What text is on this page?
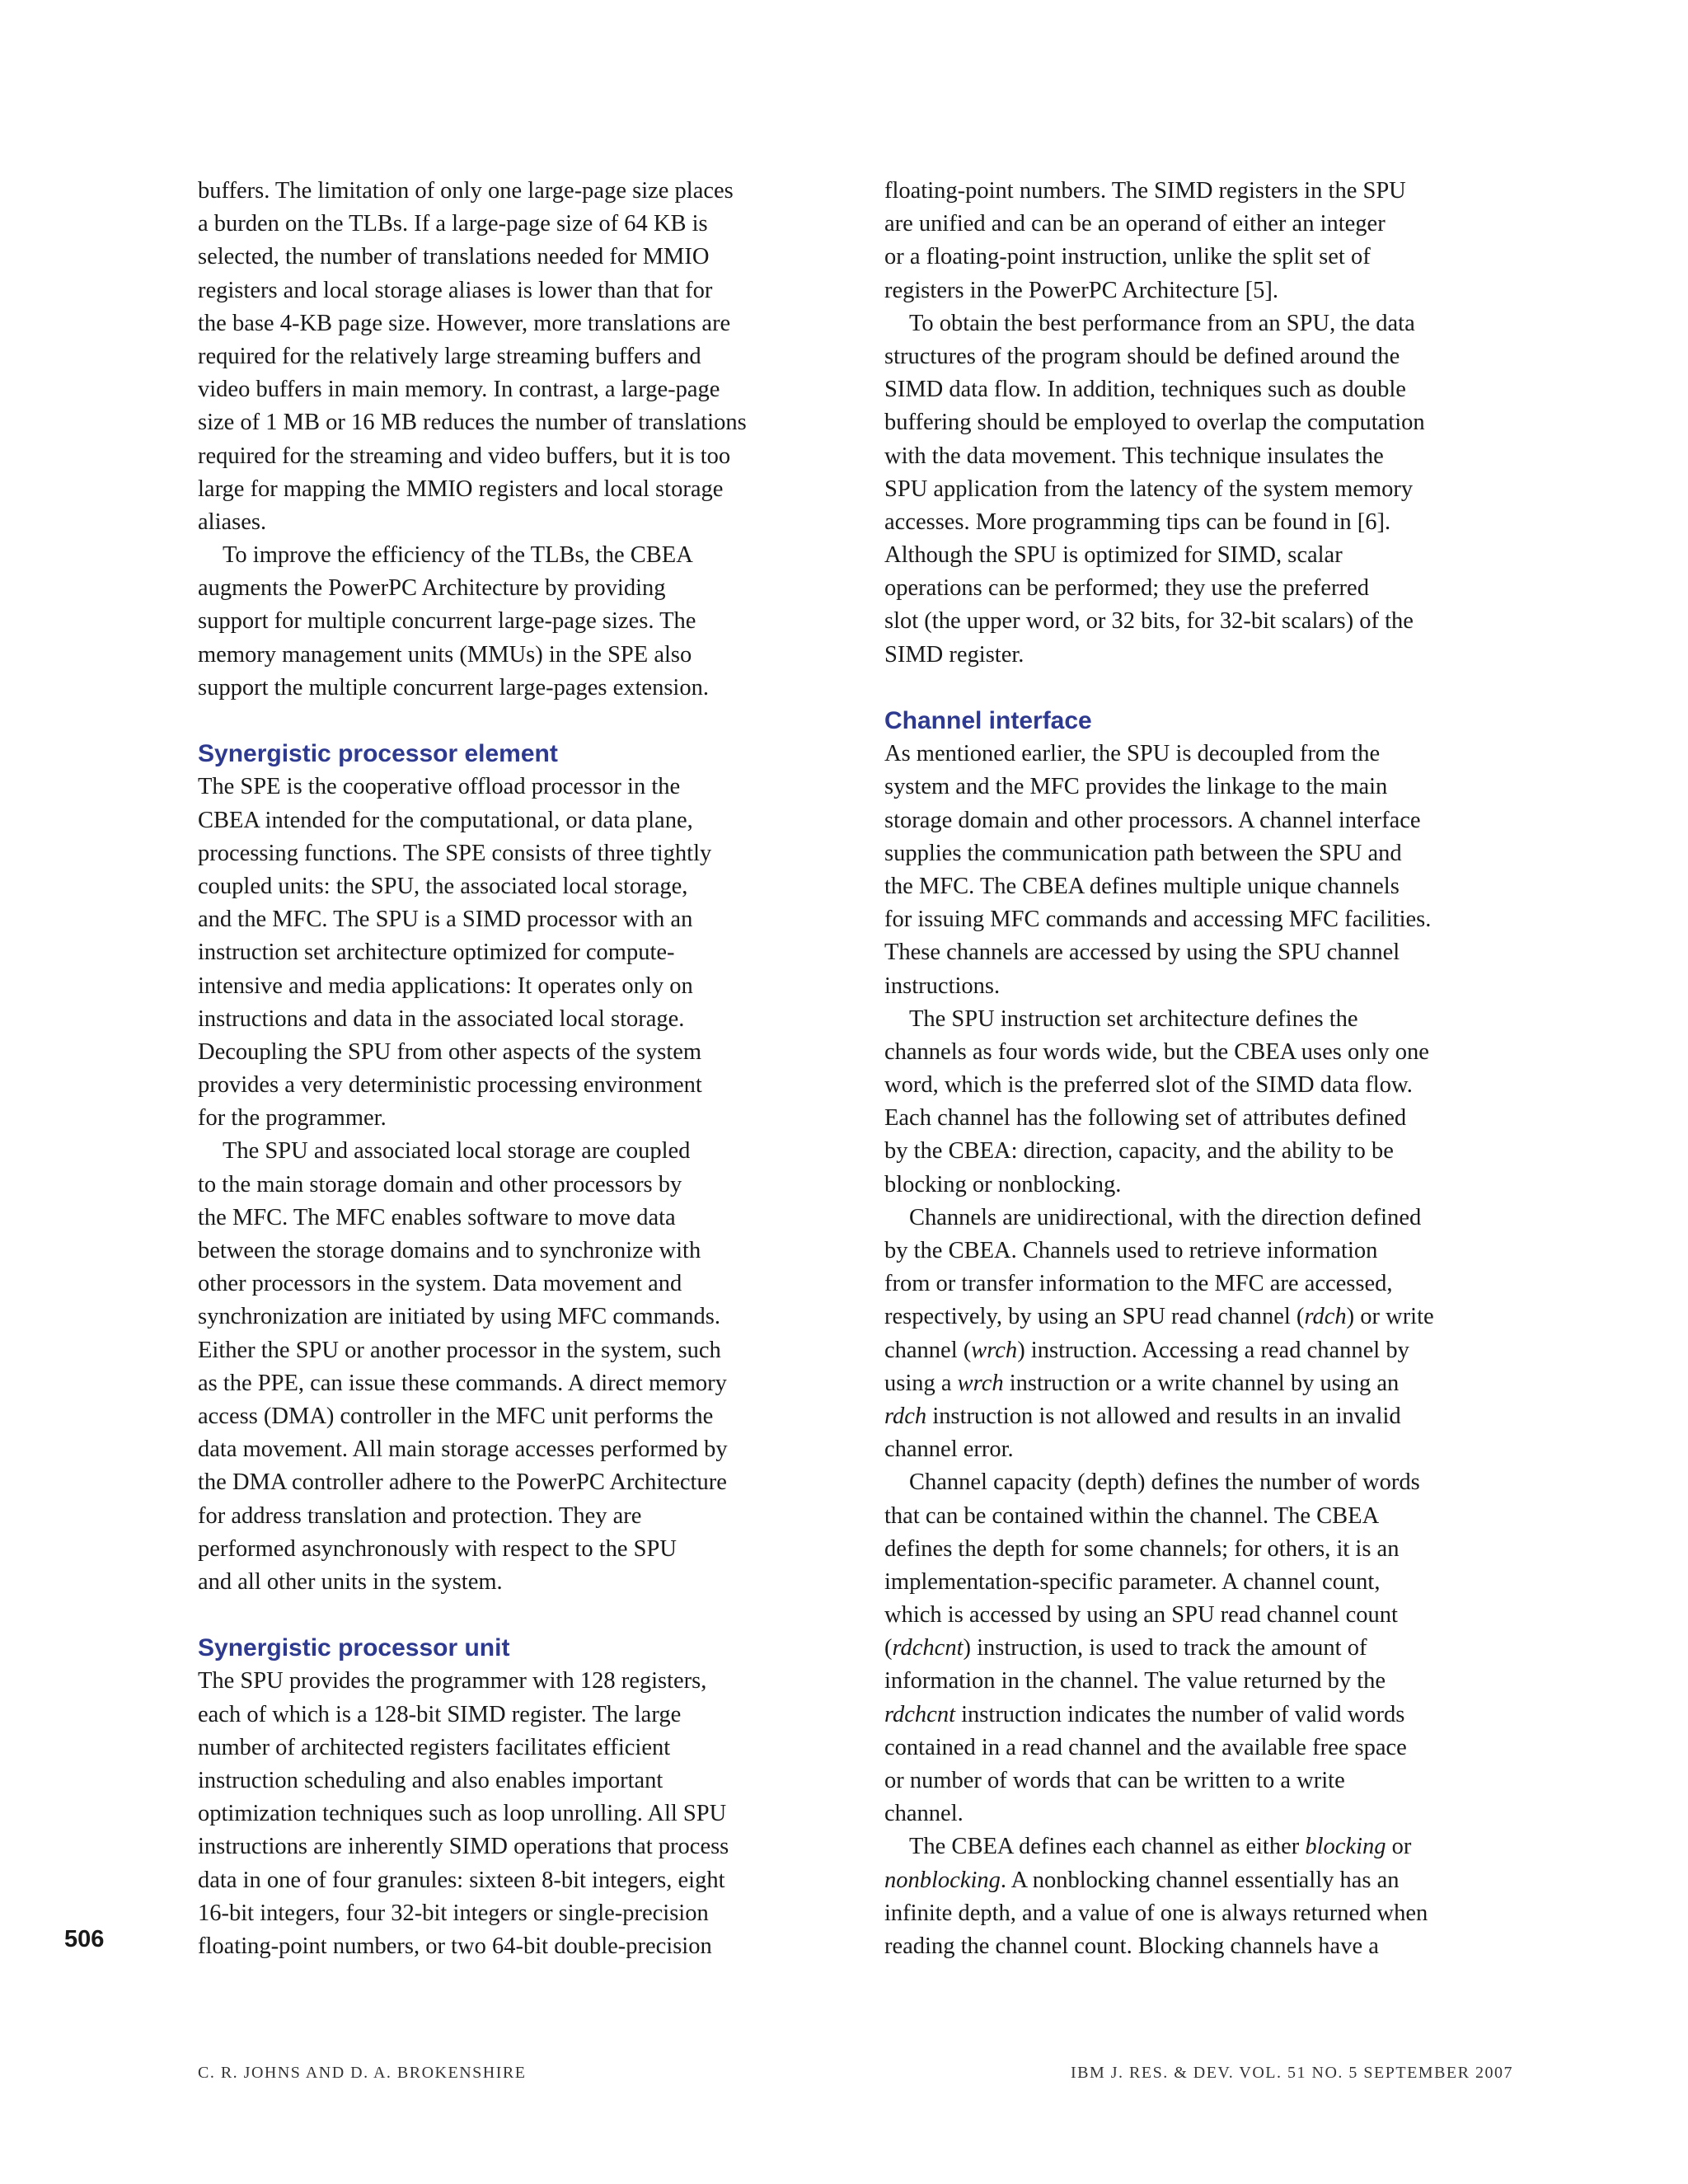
buffers. The limitation of only one large-page size places
a burden on the TLBs. If a large-page size of 64 KB is
selected, the number of translations needed for MMIO
registers and local storage aliases is lower than that for
the base 4-KB page size. However, more translations are
required for the relatively large streaming buffers and
video buffers in main memory. In contrast, a large-page
size of 1 MB or 16 MB reduces the number of translations
required for the streaming and video buffers, but it is too
large for mapping the MMIO registers and local storage
aliases.
To improve the efficiency of the TLBs, the CBEA
augments the PowerPC Architecture by providing
support for multiple concurrent large-page sizes. The
memory management units (MMUs) in the SPE also
support the multiple concurrent large-pages extension.
Synergistic processor element
The SPE is the cooperative offload processor in the
CBEA intended for the computational, or data plane,
processing functions. The SPE consists of three tightly
coupled units: the SPU, the associated local storage,
and the MFC. The SPU is a SIMD processor with an
instruction set architecture optimized for compute-
intensive and media applications: It operates only on
instructions and data in the associated local storage.
Decoupling the SPU from other aspects of the system
provides a very deterministic processing environment
for the programmer.
The SPU and associated local storage are coupled
to the main storage domain and other processors by
the MFC. The MFC enables software to move data
between the storage domains and to synchronize with
other processors in the system. Data movement and
synchronization are initiated by using MFC commands.
Either the SPU or another processor in the system, such
as the PPE, can issue these commands. A direct memory
access (DMA) controller in the MFC unit performs the
data movement. All main storage accesses performed by
the DMA controller adhere to the PowerPC Architecture
for address translation and protection. They are
performed asynchronously with respect to the SPU
and all other units in the system.
Synergistic processor unit
The SPU provides the programmer with 128 registers,
each of which is a 128-bit SIMD register. The large
number of architected registers facilitates efficient
instruction scheduling and also enables important
optimization techniques such as loop unrolling. All SPU
instructions are inherently SIMD operations that process
data in one of four granules: sixteen 8-bit integers, eight
16-bit integers, four 32-bit integers or single-precision
floating-point numbers, or two 64-bit double-precision
floating-point numbers. The SIMD registers in the SPU
are unified and can be an operand of either an integer
or a floating-point instruction, unlike the split set of
registers in the PowerPC Architecture [5].
To obtain the best performance from an SPU, the data
structures of the program should be defined around the
SIMD data flow. In addition, techniques such as double
buffering should be employed to overlap the computation
with the data movement. This technique insulates the
SPU application from the latency of the system memory
accesses. More programming tips can be found in [6].
Although the SPU is optimized for SIMD, scalar
operations can be performed; they use the preferred
slot (the upper word, or 32 bits, for 32-bit scalars) of the
SIMD register.
Channel interface
As mentioned earlier, the SPU is decoupled from the
system and the MFC provides the linkage to the main
storage domain and other processors. A channel interface
supplies the communication path between the SPU and
the MFC. The CBEA defines multiple unique channels
for issuing MFC commands and accessing MFC facilities.
These channels are accessed by using the SPU channel
instructions.
The SPU instruction set architecture defines the
channels as four words wide, but the CBEA uses only one
word, which is the preferred slot of the SIMD data flow.
Each channel has the following set of attributes defined
by the CBEA: direction, capacity, and the ability to be
blocking or nonblocking.
Channels are unidirectional, with the direction defined
by the CBEA. Channels used to retrieve information
from or transfer information to the MFC are accessed,
respectively, by using an SPU read channel (rdch) or write
channel (wrch) instruction. Accessing a read channel by
using a wrch instruction or a write channel by using an
rdch instruction is not allowed and results in an invalid
channel error.
Channel capacity (depth) defines the number of words
that can be contained within the channel. The CBEA
defines the depth for some channels; for others, it is an
implementation-specific parameter. A channel count,
which is accessed by using an SPU read channel count
(rdchcnt) instruction, is used to track the amount of
information in the channel. The value returned by the
rdchcnt instruction indicates the number of valid words
contained in a read channel and the available free space
or number of words that can be written to a write
channel.
The CBEA defines each channel as either blocking or
nonblocking. A nonblocking channel essentially has an
infinite depth, and a value of one is always returned when
reading the channel count. Blocking channels have a
506
C. R. JOHNS AND D. A. BROKENSHIRE	IBM J. RES. & DEV. VOL. 51 NO. 5 SEPTEMBER 2007
